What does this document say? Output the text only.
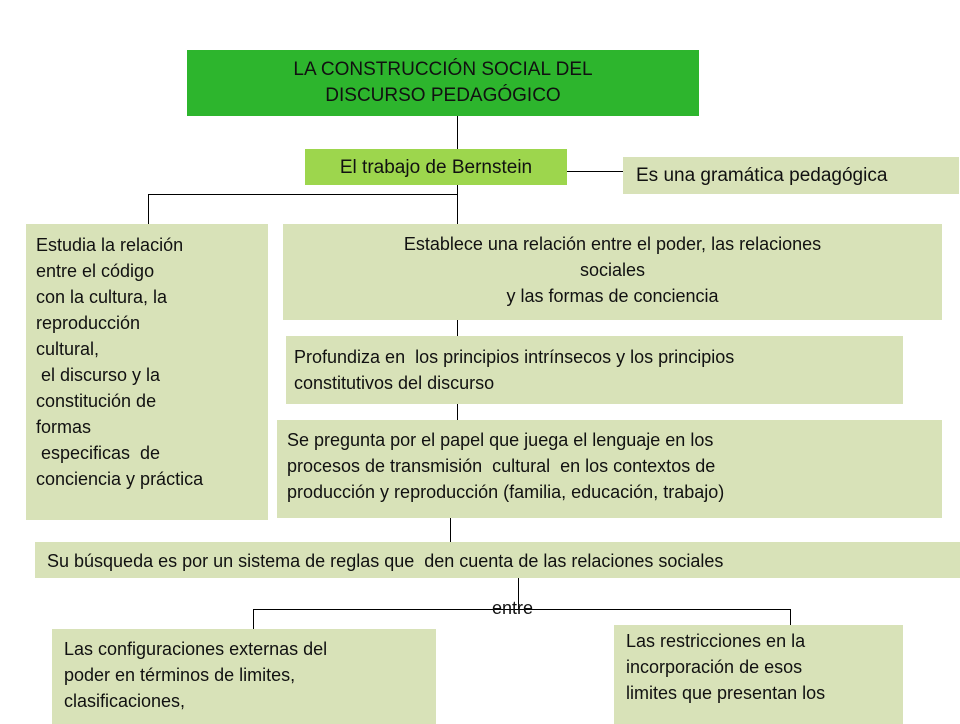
LA CONSTRUCCIÓN SOCIAL DEL
DISCURSO PEDAGÓGICO
El trabajo de Bernstein	Es una gramática pedagógica
Estudia la relación
entre el código
con la cultura, la
reproducción
cultural,
el discurso y la
constitución de
formas
especificas  de
conciencia y práctica
Establece una relación entre el poder, las relaciones
sociales
y las formas de conciencia
Profundiza en  los principios intrínsecos y los principios
constitutivos del discurso
Se pregunta por el papel que juega el lenguaje en los
procesos de transmisión  cultural  en los contextos de
producción y reproducción (familia, educación, trabajo)
Su búsqueda es por un sistema de reglas que  den cuenta de las relaciones sociales
entre
Las configuraciones externas del
poder en términos de limites,
clasificaciones,
Las restricciones en la
incorporación de esos
limites que presentan los
